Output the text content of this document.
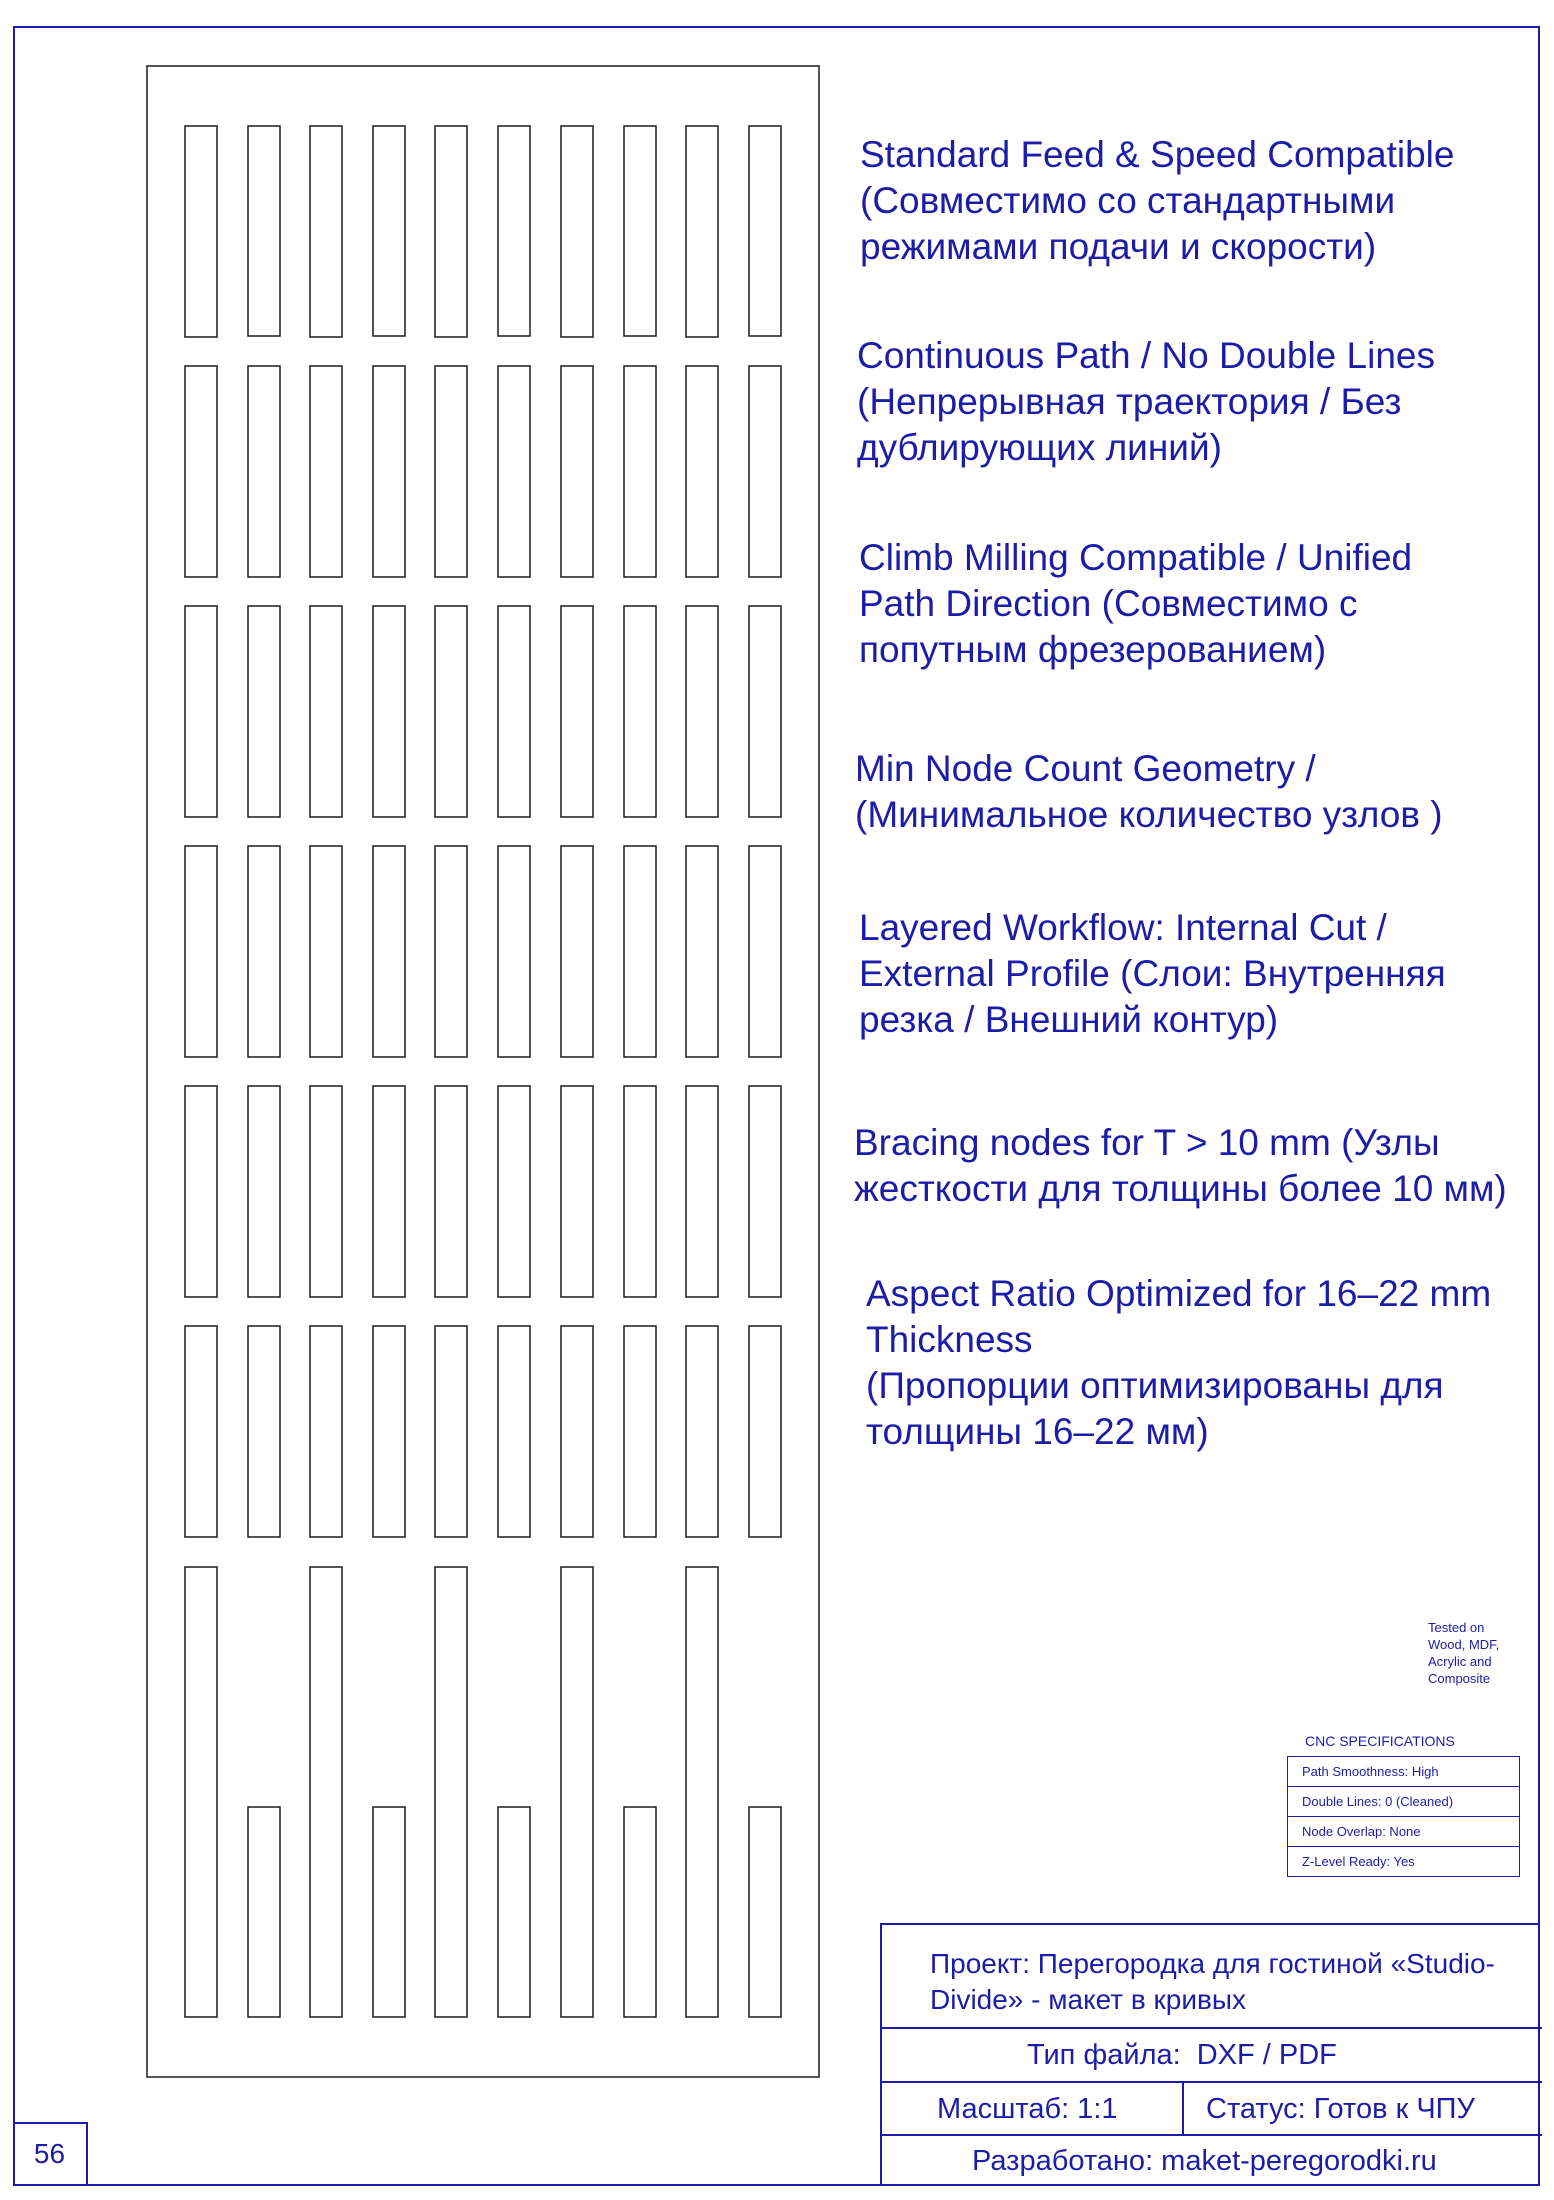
Standard Feed & Speed Compatible
(Совместимо со стандартными
режимами подачи и скорости)

Continuous Path / No Double Lines
(Непрерывная траектория / Без
дублирующих линий)

Climb Milling Compatible / Unified
Path Direction (Совместимо с
попутным фрезерованием)

Min Node Count Geometry /
(Минимальное количество узлов )

Layered Workflow: Internal Cut /
External Profile (Слои: Внутренняя
резка / Внешний контур)

Bracing nodes for T > 10 mm (Узлы
жесткости для толщины более 10 мм)

Aspect Ratio Optimized for 16–22 mm
Thickness
(Пропорции оптимизированы для
толщины 16–22 мм)

Tested on
Wood, MDF,
Acrylic and
Composite
CNC SPECIFICATIONS
Path Smoothness: High
Double Lines: 0 (Cleaned)
Node Overlap: None
Z-Level Ready: Yes
Проект: Перегородка для гостиной «Studio-Divide» - макет в кривых
Тип файла: DXF / PDF
Масштаб: 1:1	Статус: Готов к ЧПУ
Разработано: maket-peregorodki.ru
56
